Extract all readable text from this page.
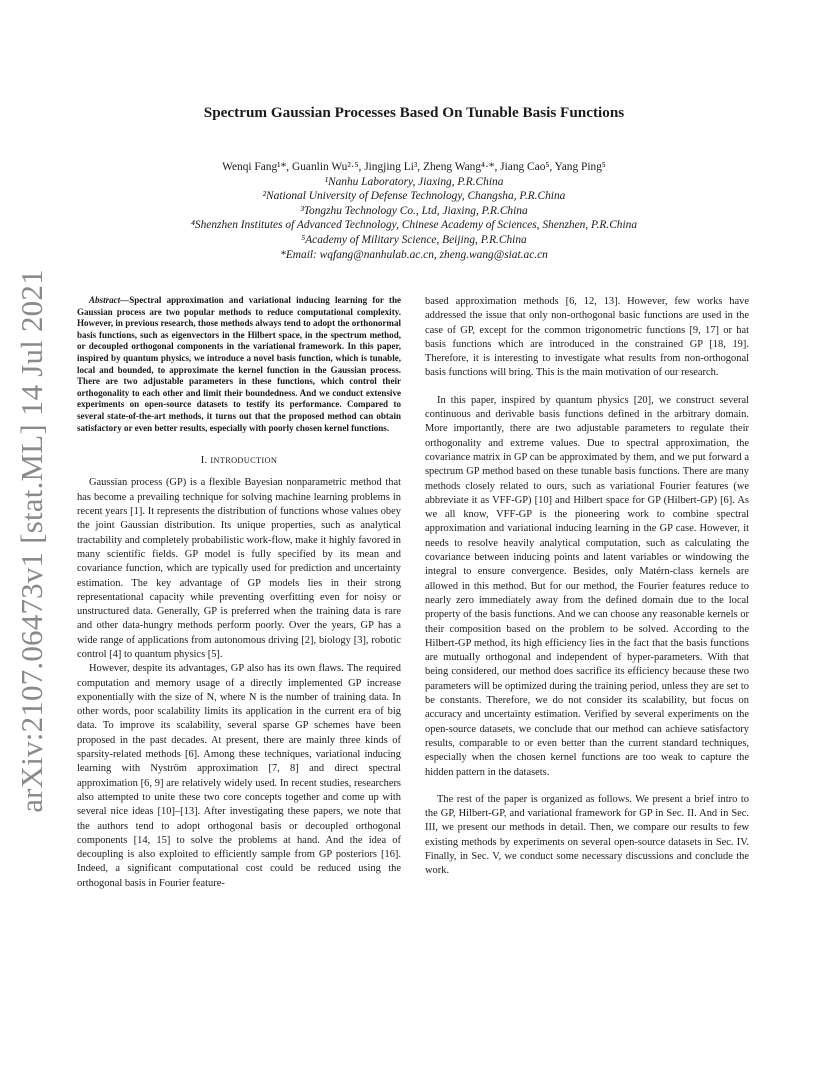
arXiv:2107.06473v1 [stat.ML] 14 Jul 2021
Spectrum Gaussian Processes Based On Tunable Basis Functions
Wenqi Fang¹*, Guanlin Wu²·⁵, Jingjing Li³, Zheng Wang⁴·*, Jiang Cao⁵, Yang Ping⁵
¹Nanhu Laboratory, Jiaxing, P.R.China
²National University of Defense Technology, Changsha, P.R.China
³Tongzhu Technology Co., Ltd, Jiaxing, P.R.China
⁴Shenzhen Institutes of Advanced Technology, Chinese Academy of Sciences, Shenzhen, P.R.China
⁵Academy of Military Science, Beijing, P.R.China
*Email: wqfang@nanhulab.ac.cn, zheng.wang@siat.ac.cn

Abstract—Spectral approximation and variational inducing learning for the Gaussian process are two popular methods to reduce computational complexity. However, in previous research, those methods always tend to adopt the orthonormal basis functions, such as eigenvectors in the Hilbert space, in the spectrum method, or decoupled orthogonal components in the variational framework. In this paper, inspired by quantum physics, we introduce a novel basis function, which is tunable, local and bounded, to approximate the kernel function in the Gaussian process. There are two adjustable parameters in these functions, which control their orthogonality to each other and limit their boundedness. And we conduct extensive experiments on open-source datasets to testify its performance. Compared to several state-of-the-art methods, it turns out that the proposed method can obtain satisfactory or even better results, especially with poorly chosen kernel functions.

I. INTRODUCTION

Gaussian process (GP) is a flexible Bayesian nonparametric method that has become a prevailing technique for solving machine learning problems in recent years [1]. It represents the distribution of functions whose values obey the joint Gaussian distribution. Its unique properties, such as analytical tractability and completely probabilistic work-flow, make it highly favored in many scientific fields. GP model is fully specified by its mean and covariance function, which are typically used for prediction and uncertainty estimation. The key advantage of GP models lies in their strong representational capacity while preventing overfitting even for noisy or unstructured data. Generally, GP is preferred when the training data is rare and other data-hungry methods perform poorly. Over the years, GP has a wide range of applications from autonomous driving [2], biology [3], robotic control [4] to quantum physics [5].

However, despite its advantages, GP also has its own flaws. The required computation and memory usage of a directly implemented GP increase exponentially with the size of N, where N is the number of training data. In other words, poor scalability limits its application in the current era of big data. To improve its scalability, several sparse GP schemes have been proposed in the past decades. At present, there are mainly three kinds of sparsity-related methods [6]. Among these techniques, variational inducing learning with Nyström approximation [7, 8] and direct spectral approximation [6, 9] are relatively widely used. In recent studies, researchers also attempted to unite these two core concepts together and come up with several nice ideas [10]–[13]. After investigating these papers, we note that the authors tend to adopt orthogonal basis or decoupled orthogonal components [14, 15] to solve the problems at hand. And the idea of decoupling is also exploited to efficiently sample from GP posteriors [16]. Indeed, a significant computational cost could be reduced using the orthogonal basis in Fourier feature-

based approximation methods [6, 12, 13]. However, few works have addressed the issue that only non-orthogonal basic functions are used in the case of GP, except for the common trigonometric functions [9, 17] or hat basis functions which are introduced in the constrained GP [18, 19]. Therefore, it is interesting to investigate what results from non-orthogonal basis functions will bring. This is the main motivation of our research.

In this paper, inspired by quantum physics [20], we construct several continuous and derivable basis functions defined in the arbitrary domain. More importantly, there are two adjustable parameters to regulate their orthogonality and extreme values. Due to spectral approximation, the covariance matrix in GP can be approximated by them, and we put forward a spectrum GP method based on these tunable basis functions. There are many methods closely related to ours, such as variational Fourier features (we abbreviate it as VFF-GP) [10] and Hilbert space for GP (Hilbert-GP) [6]. As we all know, VFF-GP is the pioneering work to combine spectral approximation and variational inducing learning in the GP case. However, it needs to resolve heavily analytical computation, such as calculating the covariance between inducing points and latent variables or windowing the integral to ensure convergence. Besides, only Matérn-class kernels are allowed in this method. But for our method, the Fourier features reduce to nearly zero immediately away from the defined domain due to the local property of the basis functions. And we can choose any reasonable kernels or their composition based on the problem to be solved. According to the Hilbert-GP method, its high efficiency lies in the fact that the basis functions are mutually orthogonal and independent of hyper-parameters. With that being considered, our method does sacrifice its efficiency because these two parameters will be optimized during the training period, unless they are set to be constants. Therefore, we do not consider its scalability, but focus on accuracy and uncertainty estimation. Verified by several experiments on the open-source datasets, we conclude that our method can achieve satisfactory results, comparable to or even better than the current standard techniques, especially when the chosen kernel functions are too weak to capture the hidden pattern in the datasets.

The rest of the paper is organized as follows. We present a brief intro to the GP, Hilbert-GP, and variational framework for GP in Sec. II. And in Sec. III, we present our methods in detail. Then, we compare our results to few existing methods by experiments on several open-source datasets in Sec. IV. Finally, in Sec. V, we conduct some necessary discussions and conclude the work.
